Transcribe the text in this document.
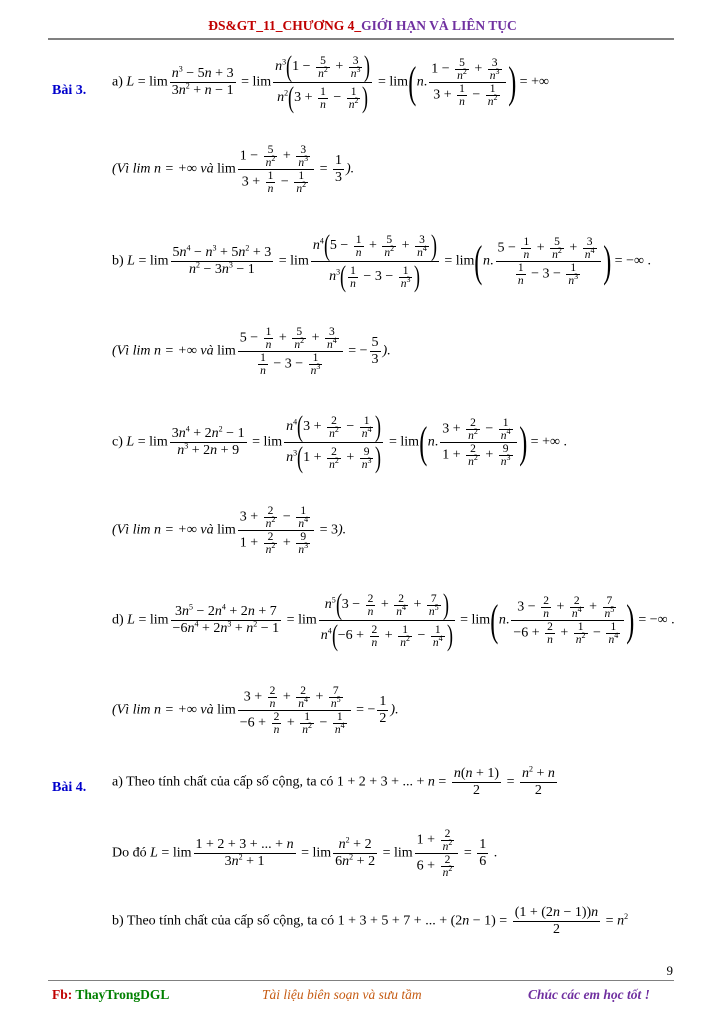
ĐS&GT_11_CHƯƠNG 4_GIỚI HẠN VÀ LIÊN TỤC
Bài 3.
a) $L = \lim \frac{n^3 - 5n + 3}{3n^2 + n - 1} = \lim \frac{n^3(1 - \frac{5}{n^2} + \frac{3}{n^3} )}{n^2(3 + \frac{1}{n} - \frac{1}{n^2} )} = \lim(n$. $\frac{1 - \frac{5}{n^2} + \frac{3}{n^3}}{3 + \frac{1}{n} - \frac{1}{n^2}}$ ) = +∞
(Vì lim n = +∞ và $\lim \frac{1 - \frac{5}{n^2} + \frac{3}{n^3}}{3 + \frac{1}{n} - \frac{1}{n^2}} = \frac{1}{3}$ ).
b) $L = \lim \frac{5n^4 - n^3 + 5n^2 + 3}{n^2 - 3n^3 - 1} = \lim \frac{n^4(5 - \frac{1}{n} + \frac{5}{n^2} + \frac{3}{n^4} )}{n^3( \frac{1}{n} - 3 - \frac{1}{n^3} )} = \lim(n$. $\frac{5 - \frac{1}{n} + \frac{5}{n^2} + \frac{3}{n^4}}{\frac{1}{n} - 3 - \frac{1}{n^3}}$ ) = −∞ .
(Vì lim n = +∞ và $\lim \frac{5 - \frac{1}{n} + \frac{5}{n^2} + \frac{3}{n^4}}{\frac{1}{n} - 3 - \frac{1}{n^3}}$ = − $\frac{5}{3}$ ).
c) $L = \lim \frac{3n^4 + 2n^2 - 1}{n^3 + 2n + 9} = \lim \frac{n^4(3 + \frac{2}{n^2} - \frac{1}{n^4} )}{n^3(1 + \frac{2}{n^2} + \frac{9}{n^3} )} = \lim(n$. $\frac{3 + \frac{2}{n^2} - \frac{1}{n^4}}{1 + \frac{2}{n^2} + \frac{9}{n^3}}$ ) = +∞ .
(Vì lim n = +∞ và $\lim \frac{3 + \frac{2}{n^2} - \frac{1}{n^4}}{1 + \frac{2}{n^2} + \frac{9}{n^3}} = 3$).
d) $L = \lim \frac{3n^5 - 2n^4 + 2n + 7}{-6n^4 + 2n^3 + n^2 - 1} = \lim \frac{n^5(3 - \frac{2}{n} + \frac{2}{n^4} + \frac{7}{n^5} )}{n^4(-6 + \frac{2}{n} + \frac{1}{n^2} - \frac{1}{n^4} )} = \lim(n$. $\frac{3 - \frac{2}{n} + \frac{2}{n^4} + \frac{7}{n^5}}{-6 + \frac{2}{n} + \frac{1}{n^2} - \frac{1}{n^4}}$ ) = −∞ .
(Vì lim n = +∞ và $\lim \frac{3 + \frac{2}{n} + \frac{2}{n^4} + \frac{7}{n^5}}{-6 + \frac{2}{n} + \frac{1}{n^2} - \frac{1}{n^4}}$ = − $\frac{1}{2}$ ).
Bài 4. a) Theo tính chất của cấp số cộng, ta có 1 + 2 + 3 + ... + $n = \frac{n(n + 1)}{2} = \frac{n^2 + n}{2}$
Do đó $L = \lim \frac{1 + 2 + 3 + ... + n}{3n^2 + 1} = \lim \frac{n^2 + 2}{6n^2 + 2} = \lim \frac{1 + \frac{2}{n^2}}{6 + \frac{2}{n^2}} = \frac{1}{6}$ .
b) Theo tính chất của cấp số cộng, ta có 1 + 3 + 5 + 7 + ... + $(2n - 1) = \frac{(1 + (2n - 1))n}{2} = n^2$
9
Fb: ThayTrongDGL	Tài liệu biên soạn và sưu tầm	Chúc các em học tốt !
